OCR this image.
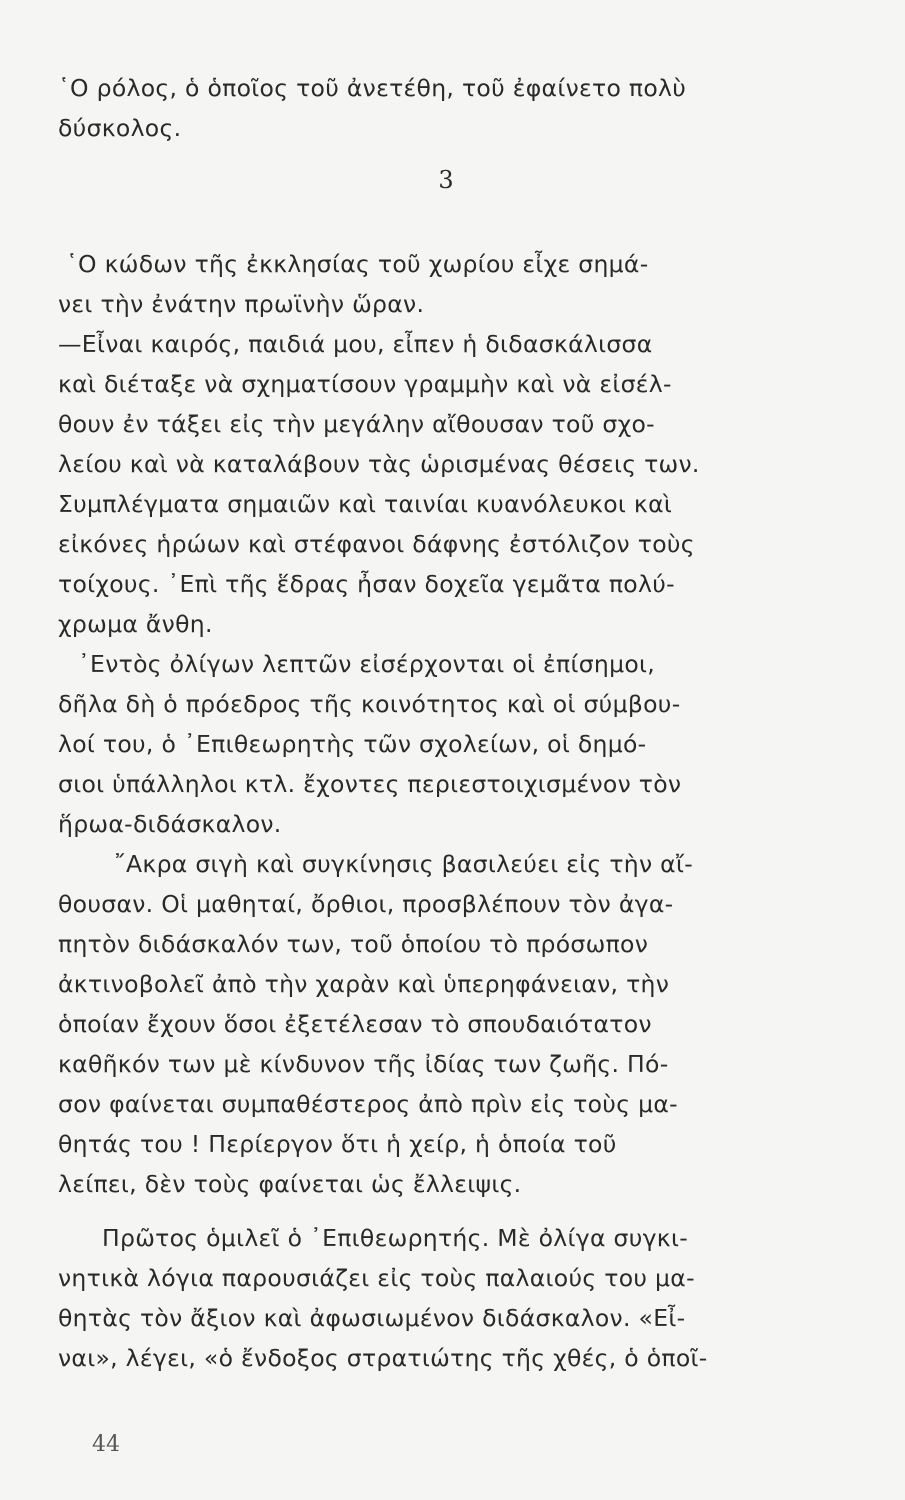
῾Ο ρόλος, ὁ ὁποῖος τοῦ ἀνετέθη, τοῦ ἐφαίνετο πολὺ
δύσκολος.
3
῾Ο κώδων τῆς ἐκκλησίας τοῦ χωρίου εἶχε σημά-
νει τὴν ἐνάτην πρωϊνὴν ὥραν.
—Εἶναι καιρός, παιδιά μου, εἶπεν ἡ διδασκάλισσα
καὶ διέταξε νὰ σχηματίσουν γραμμὴν καὶ νὰ εἰσέλ-
θουν ἐν τάξει εἰς τὴν μεγάλην αἴθουσαν τοῦ σχο-
λείου καὶ νὰ καταλάβουν τὰς ὡρισμένας θέσεις των.
Συμπλέγματα σημαιῶν καὶ ταινίαι κυανόλευκοι καὶ
εἰκόνες ἡρώων καὶ στέφανοι δάφνης ἐστόλιζον τοὺς
τοίχους. ᾿Επὶ τῆς ἕδρας ἦσαν δοχεῖα γεμᾶτα πολύ-
χρωμα ἄνθη.
᾿Εντὸς ὀλίγων λεπτῶν εἰσέρχονται οἱ ἐπίσημοι,
δῆλα δὴ ὁ πρόεδρος τῆς κοινότητος καὶ οἱ σύμβου-
λοί του, ὁ ᾿Επιθεωρητὴς τῶν σχολείων, οἱ δημό-
σιοι ὑπάλληλοι κτλ. ἔχοντες περιεστοιχισμένον τὸν
ἥρωα-διδάσκαλον.
῎Ακρα σιγὴ καὶ συγκίνησις βασιλεύει εἰς τὴν αἴ-
θουσαν. Οἱ μαθηταί, ὄρθιοι, προσβλέπουν τὸν ἀγα-
πητὸν διδάσκαλόν των, τοῦ ὁποίου τὸ πρόσωπον
ἀκτινοβολεῖ ἀπὸ τὴν χαρὰν καὶ ὑπερηφάνειαν, τὴν
ὁποίαν ἔχουν ὅσοι ἐξετέλεσαν τὸ σπουδαιότατον
καθῆκόν των μὲ κίνδυνον τῆς ἰδίας των ζωῆς. Πό-
σον φαίνεται συμπαθέστερος ἀπὸ πρὶν εἰς τοὺς μα-
θητάς του ! Περίεργον ὅτι ἡ χείρ, ἡ ὁποία τοῦ
λείπει, δὲν τοὺς φαίνεται ὡς ἔλλειψις.
Πρῶτος ὁμιλεῖ ὁ ᾿Επιθεωρητής. Μὲ ὀλίγα συγκι-
νητικὰ λόγια παρουσιάζει εἰς τοὺς παλαιούς του μα-
θητὰς τὸν ἄξιον καὶ ἀφωσιωμένον διδάσκαλον. «Εἶ-
ναι», λέγει, «ὁ ἔνδοξος στρατιώτης τῆς χθές, ὁ ὁποῖ-
44
